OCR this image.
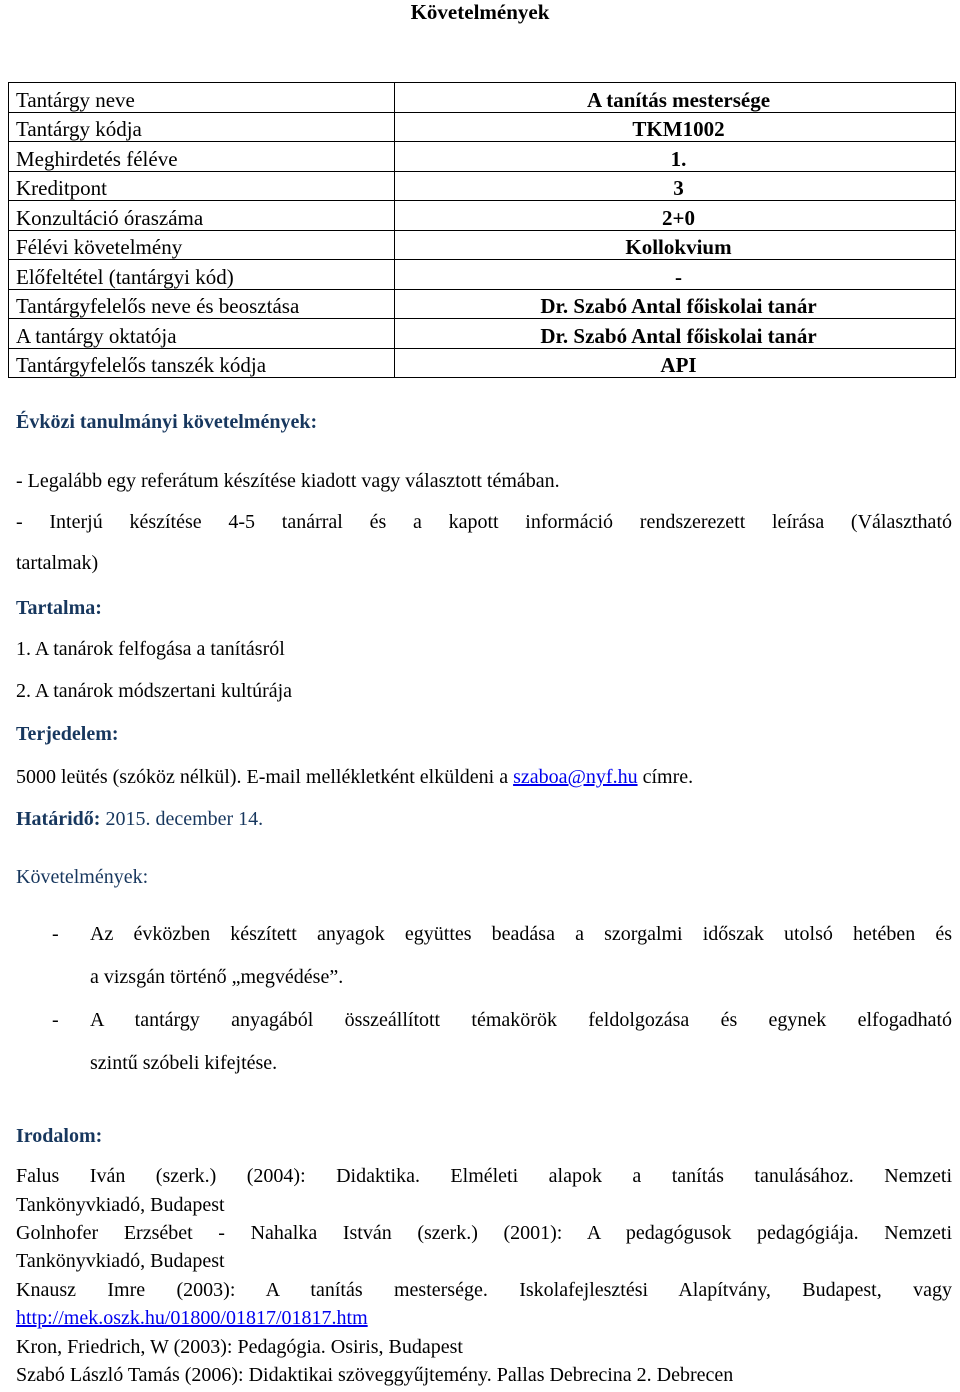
Követelmények
Tantárgy neve	A tanítás mestersége
Tantárgy kódja	TKM1002
Meghirdetés féléve	1.
Kreditpont	3
Konzultáció óraszáma	2+0
Félévi követelmény	Kollokvium
Előfeltétel (tantárgyi kód)	-
Tantárgyfelelős neve és beosztása	Dr. Szabó Antal főiskolai tanár
A tantárgy oktatója	Dr. Szabó Antal főiskolai tanár
Tantárgyfelelős tanszék kódja	API
Évközi tanulmányi követelmények:
- Legalább egy referátum készítése kiadott vagy választott témában.
- Interjú készítése 4-5 tanárral és a kapott információ rendszerezett leírása (Választható
tartalmak)
Tartalma:
1. A tanárok felfogása a tanításról
2. A tanárok módszertani kultúrája
Terjedelem:
5000 leütés (szóköz nélkül). E-mail mellékletként elküldeni a szaboa@nyf.hu címre.
Határidő: 2015. december 14.
Követelmények:
- Az évközben készített anyagok együttes beadása a szorgalmi időszak utolsó hetében és
a vizsgán történő „megvédése”.
- A tantárgy anyagából összeállított témakörök feldolgozása és egynek elfogadható
szintű szóbeli kifejtése.
Irodalom:
Falus Iván (szerk.) (2004): Didaktika. Elméleti alapok a tanítás tanulásához. Nemzeti
Tankönyvkiadó, Budapest
Golnhofer Erzsébet - Nahalka István (szerk.) (2001): A pedagógusok pedagógiája. Nemzeti
Tankönyvkiadó, Budapest
Knausz Imre (2003): A tanítás mestersége. Iskolafejlesztési Alapítvány, Budapest, vagy
http://mek.oszk.hu/01800/01817/01817.htm
Kron, Friedrich, W (2003): Pedagógia. Osiris, Budapest
Szabó László Tamás (2006): Didaktikai szöveggyűjtemény. Pallas Debrecina 2. Debrecen
